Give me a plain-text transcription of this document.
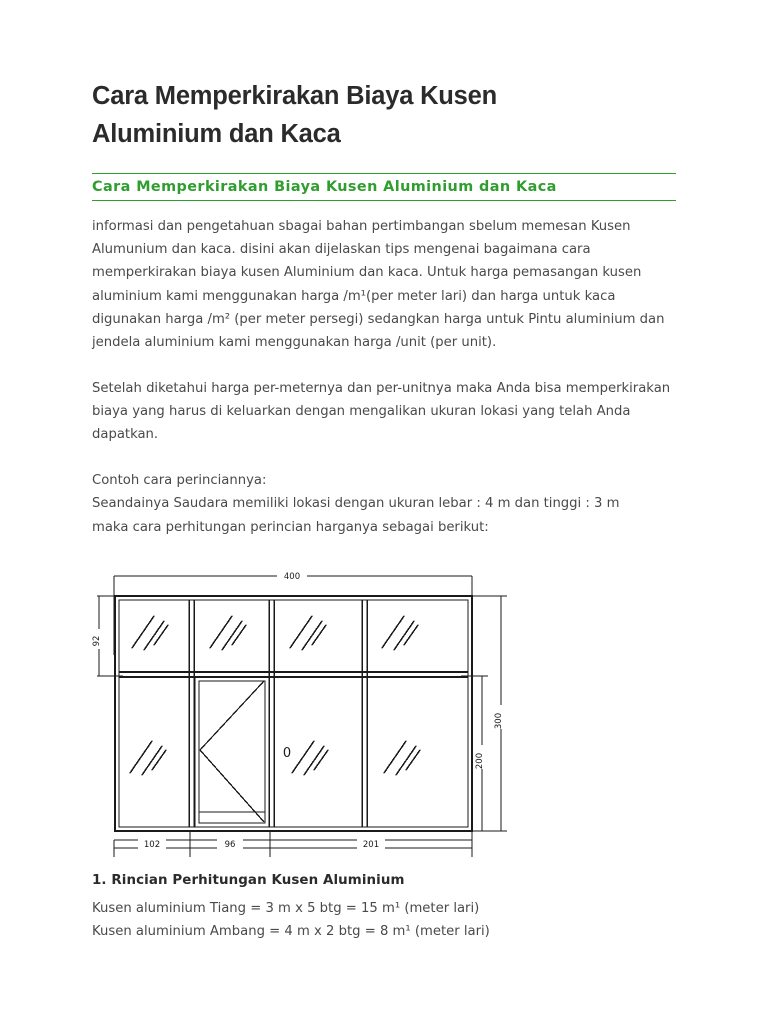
Cara Memperkirakan Biaya Kusen
Aluminium dan Kaca
Cara Memperkirakan Biaya Kusen Aluminium dan Kaca

informasi dan pengetahuan sbagai bahan pertimbangan sbelum memesan Kusen Alumunium dan kaca. disini akan dijelaskan tips mengenai bagaimana cara memperkirakan biaya kusen Aluminium dan kaca. Untuk harga pemasangan kusen aluminium kami menggunakan harga /m¹(per meter lari) dan harga untuk kaca digunakan harga /m² (per meter persegi) sedangkan harga untuk Pintu aluminium dan jendela aluminium kami menggunakan harga /unit (per unit).

Setelah diketahui harga per-meternya dan per-unitnya maka Anda bisa memperkirakan biaya yang harus di keluarkan dengan mengalikan ukuran lokasi yang telah Anda dapatkan.

Contoh cara perinciannya:
Seandainya Saudara memiliki lokasi dengan ukuran lebar : 4 m dan tinggi : 3 m
maka cara perhitungan perincian harganya sebagai berikut:
400
92
300
200
102	96	201
0
1. Rincian Perhitungan Kusen Aluminium
Kusen aluminium Tiang = 3 m x 5 btg = 15 m¹ (meter lari)
Kusen aluminium Ambang = 4 m x 2 btg = 8 m¹ (meter lari)
